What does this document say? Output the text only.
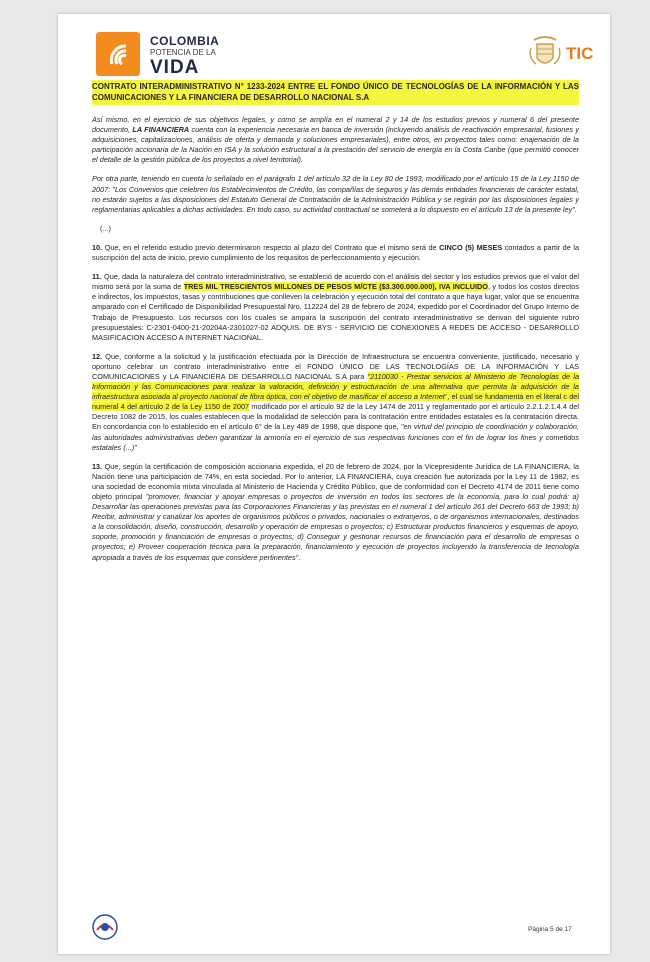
COLOMBIA
POTENCIA DE LA
VIDA
TIC

CONTRATO INTERADMINISTRATIVO N° 1233-2024 ENTRE EL FONDO ÚNICO DE TECNOLOGÍAS DE LA INFORMACIÓN Y LAS COMUNICACIONES Y LA FINANCIERA DE DESARROLLO NACIONAL S.A

Así mismo, en el ejercicio de sus objetivos legales, y como se amplía en el numeral 2 y 14 de los estudios previos y numeral 6 del presente documento, LA FINANCIERA cuenta con la experiencia necesaria en banca de inversión (incluyendo análisis de reactivación empresarial, fusiones y adquisiciones, capitalizaciones, análisis de oferta y demanda y soluciones empresariales), entre otros, en proyectos tales como: enajenación de la participación accionaria de la Nación en ISA y la solución estructural a la prestación del servicio de energía en la Costa Caribe (que permitió conocer el detalle de la gestión pública de los proyectos a nivel territorial).

Por otra parte, teniendo en cuenta lo señalado en el parágrafo 1 del artículo 32 de la Ley 80 de 1993, modificado por el artículo 15 de la Ley 1150 de 2007: "Los Convenios que celebren los Establecimientos de Crédito, las compañías de seguros y las demás entidades financieras de carácter estatal, no estarán sujetos a las disposiciones del Estatuto General de Contratación de la Administración Pública y se regirán por las disposiciones legales y reglamentarias aplicables a dichas actividades. En todo caso, su actividad contractual se someterá a lo dispuesto en el artículo 13 de la presente ley".

(...)

10. Que, en el referido estudio previo determinaron respecto al plazo del Contrato que el mismo será de CINCO (5) MESES contados a partir de la suscripción del acta de inicio, previo cumplimiento de los requisitos de perfeccionamiento y ejecución.

11. Que, dada la naturaleza del contrato interadministrativo, se estableció de acuerdo con el análisis del sector y los estudios previos que el valor del mismo será por la suma de TRES MIL TRESCIENTOS MILLONES DE PESOS M/CTE ($3.300.000.000), IVA INCLUIDO, y todos los costos directos e indirectos, los impuestos, tasas y contribuciones que conlleven la celebración y ejecución total del contrato a que haya lugar, valor que se encuentra amparado con el Certificado de Disponibilidad Presupuestal Nro. 112224 del 28 de febrero de 2024, expedido por el Coordinador del Grupo Interno de Trabajo de Presupuesto. Los recursos con los cuales se ampara la suscripción del contrato interadministrativo se derivan del siguiente rubro presupuestales: C-2301-0400-21-20204A-2301027-02 ADQUIS. DE BYS - SERVICIO DE CONEXIONES A REDES DE ACCESO - DESARROLLO MASIFICACION ACCESO A INTERNET NACIONAL.

12. Que, conforme a la solicitud y la justificación efectuada por la Dirección de Infraestructura se encuentra conveniente, justificado, necesario y oportuno celebrar un contrato interadministrativo entre el FONDO ÚNICO DE LAS TECNOLOGÍAS DE LA INFORMACIÓN Y LAS COMUNICACIONES y LA FINANCIERA DE DESARROLLO NACIONAL S.A para "2110030 - Prestar servicios al Ministerio de Tecnologías de la Información y las Comunicaciones para realizar la valoración, definición y estructuración de una alternativa que permita la adquisición de la infraestructura asociada al proyecto nacional de fibra óptica, con el objetivo de masificar el acceso a Internet", el cual se fundamenta en el literal c del numeral 4 del artículo 2 de la Ley 1150 de 2007 modificado por el artículo 92 de la Ley 1474 de 2011 y reglamentado por el artículo 2.2.1.2.1.4.4 del Decreto 1082 de 2015, los cuales establecen que la modalidad de selección para la contratación entre entidades estatales es la contratación directa. En concordancia con lo establecido en el artículo 6° de la Ley 489 de 1998, que dispone que, "en virtud del principio de coordinación y colaboración, las autoridades administrativas deben garantizar la armonía en el ejercicio de sus respectivas funciones con el fin de lograr los fines y cometidos estatales (...)"

13. Que, según la certificación de composición accionaria expedida, el 20 de febrero de 2024, por la Vicepresidente Jurídica de LA FINANCIERA, la Nación tiene una participación de 74%, en esta sociedad. Por lo anterior, LA FINANCIERA, cuya creación fue autorizada por la Ley 11 de 1982, es una sociedad de economía mixta vinculada al Ministerio de Hacienda y Crédito Público, que de conformidad con el Decreto 4174 de 2011 tiene como objeto principal "promover, financiar y apoyar empresas o proyectos de inversión en todos los sectores de la economía, para lo cual podrá: a) Desarrollar las operaciones previstas para las Corporaciones Financieras y las previstas en el numeral 1 del artículo 261 del Decreto 663 de 1993; b) Recibir, administrar y canalizar los aportes de organismos públicos o privados, nacionales o extranjeros, o de organismos internacionales, destinados a la consolidación, diseño, construcción, desarrollo y operación de empresas o proyectos; c) Estructurar productos financieros y esquemas de apoyo, soporte, promoción y financiación de empresas o proyectos; d) Conseguir y gestionar recursos de financiación para el desarrollo de empresas o proyectos; e) Proveer cooperación técnica para la preparación, financiamiento y ejecución de proyectos incluyendo la transferencia de tecnología apropiada a través de los esquemas que considere pertinentes".

Página 5 de 17
